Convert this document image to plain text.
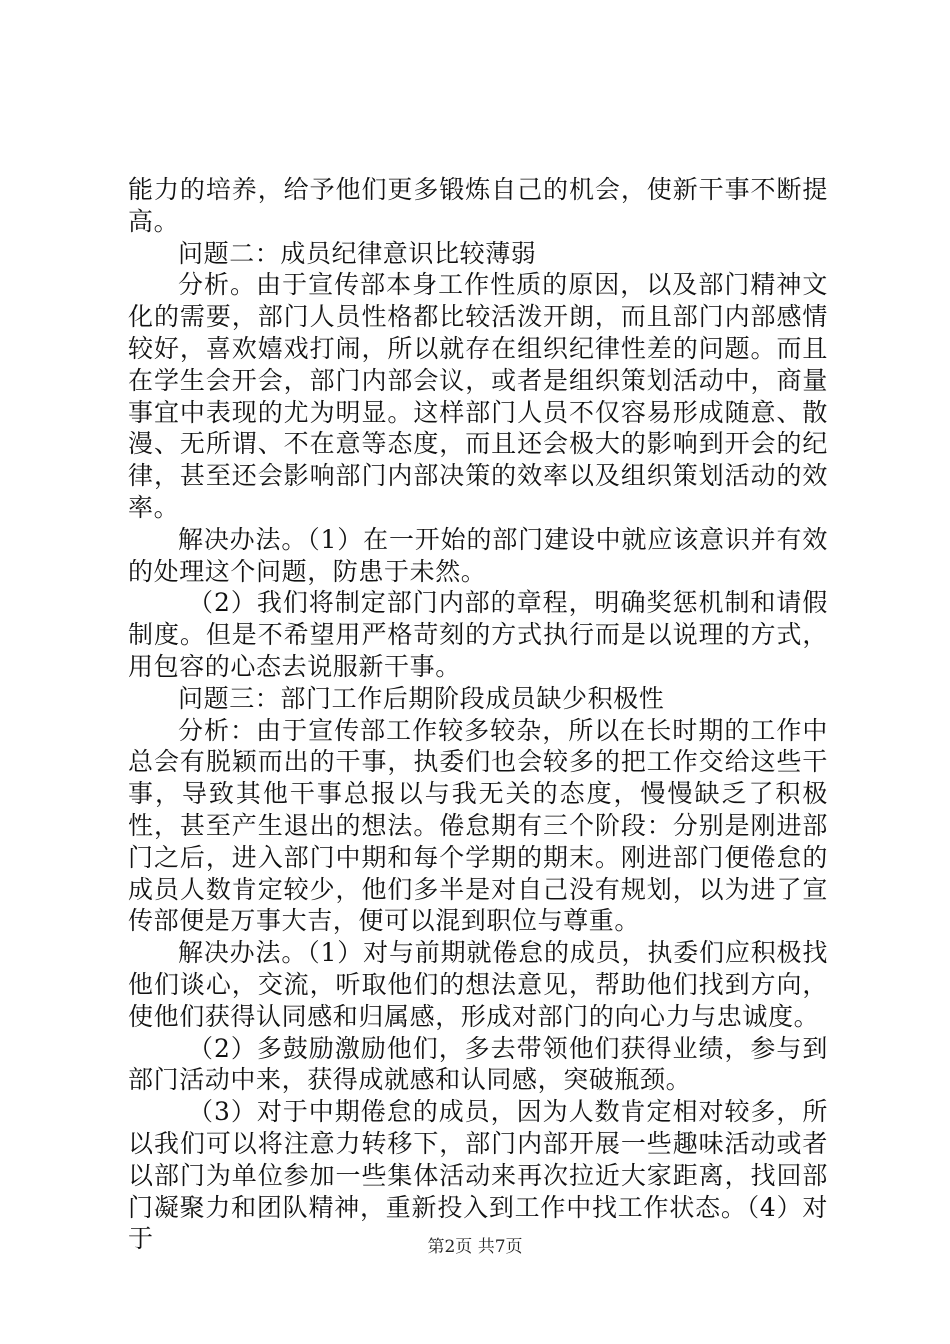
能力的培养，给予他们更多锻炼自己的机会，使新干事不断提高。

问题二：成员纪律意识比较薄弱

分析。由于宣传部本身工作性质的原因，以及部门精神文化的需要，部门人员性格都比较活泼开朗，而且部门内部感情较好，喜欢嬉戏打闹，所以就存在组织纪律性差的问题。而且在学生会开会，部门内部会议，或者是组织策划活动中，商量事宜中表现的尤为明显。这样部门人员不仅容易形成随意、散漫、无所谓、不在意等态度，而且还会极大的影响到开会的纪律，甚至还会影响部门内部决策的效率以及组织策划活动的效率。

解决办法。（1）在一开始的部门建设中就应该意识并有效的处理这个问题，防患于未然。

（2）我们将制定部门内部的章程，明确奖惩机制和请假制度。但是不希望用严格苛刻的方式执行而是以说理的方式，用包容的心态去说服新干事。

问题三：部门工作后期阶段成员缺少积极性

分析：由于宣传部工作较多较杂，所以在长时期的工作中总会有脱颖而出的干事，执委们也会较多的把工作交给这些干事，导致其他干事总报以与我无关的态度，慢慢缺乏了积极性，甚至产生退出的想法。倦怠期有三个阶段：分别是刚进部门之后，进入部门中期和每个学期的期末。刚进部门便倦怠的成员人数肯定较少，他们多半是对自己没有规划，以为进了宣传部便是万事大吉，便可以混到职位与尊重。

解决办法。（1）对与前期就倦怠的成员，执委们应积极找他们谈心，交流，听取他们的想法意见，帮助他们找到方向，使他们获得认同感和归属感，形成对部门的向心力与忠诚度。

（2）多鼓励激励他们，多去带领他们获得业绩，参与到部门活动中来，获得成就感和认同感，突破瓶颈。

（3）对于中期倦怠的成员，因为人数肯定相对较多，所以我们可以将注意力转移下，部门内部开展一些趣味活动或者以部门为单位参加一些集体活动来再次拉近大家距离，找回部门凝聚力和团队精神，重新投入到工作中找工作状态。（4）对于	第2页 共7页
